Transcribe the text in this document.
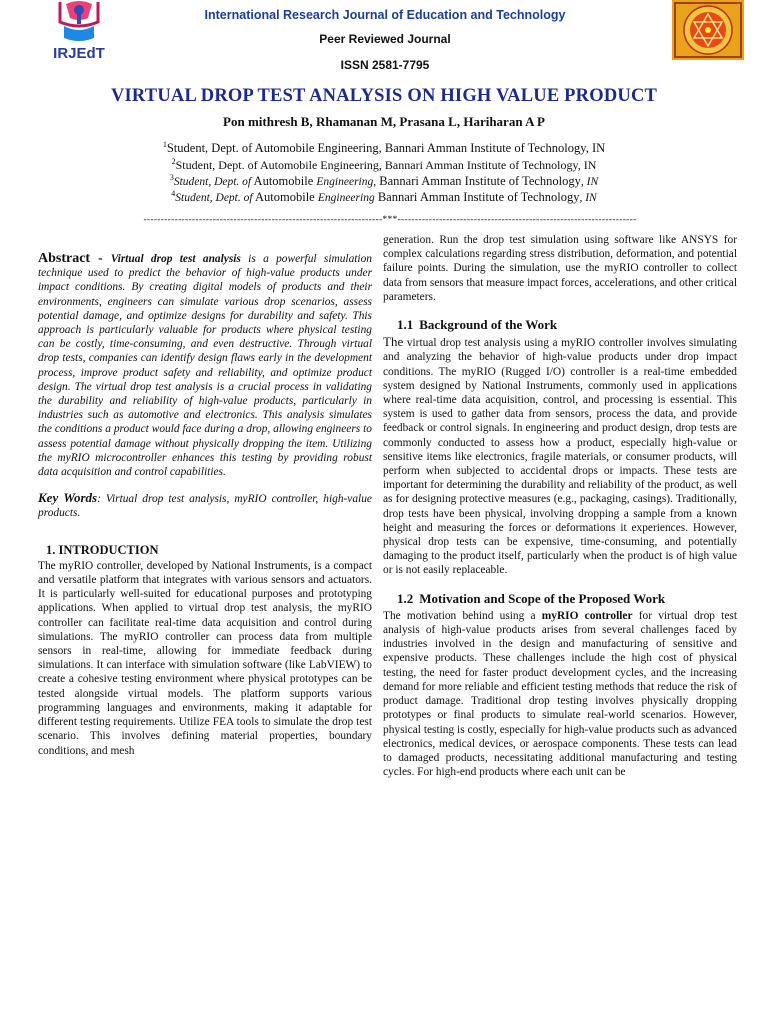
IRJEdT
International Research Journal of Education and Technology
Peer Reviewed Journal
ISSN 2581-7795
VIRTUAL DROP TEST ANALYSIS ON HIGH VALUE PRODUCT
Pon mithresh B, Rhamanan M, Prasana L, Hariharan A P
$^1$Student, Dept. of Automobile Engineering, Bannari Amman Institute of Technology, IN
$^2$Student, Dept. of Automobile Engineering, Bannari Amman Institute of Technology, IN
$^3$Student, Dept. of Automobile Engineering, Bannari Amman Institute of Technology, IN
$^4$Student, Dept. of Automobile Engineering Bannari Amman Institute of Technology, IN
---------------------------------------------------------------------***---------------------------------------------------------------------

Abstract - Virtual drop test analysis is a powerful simulation technique used to predict the behavior of high-value products under impact conditions. By creating digital models of products and their environments, engineers can simulate various drop scenarios, assess potential damage, and optimize designs for durability and safety. This approach is particularly valuable for products where physical testing can be costly, time-consuming, and even destructive. Through virtual drop tests, companies can identify design flaws early in the development process, improve product safety and reliability, and optimize product design. The virtual drop test analysis is a crucial process in validating the durability and reliability of high-value products, particularly in industries such as automotive and electronics. This analysis simulates the conditions a product would face during a drop, allowing engineers to assess potential damage without physically dropping the item. Utilizing the myRIO microcontroller enhances this testing by providing robust data acquisition and control capabilities.

Key Words: Virtual drop test analysis, myRIO controller, high-value products.

1. INTRODUCTION

The myRIO controller, developed by National Instruments, is a compact and versatile platform that integrates with various sensors and actuators. It is particularly well-suited for educational purposes and prototyping applications. When applied to virtual drop test analysis, the myRIO controller can facilitate real-time data acquisition and control during simulations. The myRIO controller can process data from multiple sensors in real-time, allowing for immediate feedback during simulations. It can interface with simulation software (like LabVIEW) to create a cohesive testing environment where physical prototypes can be tested alongside virtual models. The platform supports various programming languages and environments, making it adaptable for different testing requirements. Utilize FEA tools to simulate the drop test scenario. This involves defining material properties, boundary conditions, and mesh

generation. Run the drop test simulation using software like ANSYS for complex calculations regarding stress distribution, deformation, and potential failure points. During the simulation, use the myRIO controller to collect data from sensors that measure impact forces, accelerations, and other critical parameters.

1.1 Background of the Work

The virtual drop test analysis using a myRIO controller involves simulating and analyzing the behavior of high-value products under drop impact conditions. The myRIO (Rugged I/O) controller is a real-time embedded system designed by National Instruments, commonly used in applications where real-time data acquisition, control, and processing is essential. This system is used to gather data from sensors, process the data, and provide feedback or control signals. In engineering and product design, drop tests are commonly conducted to assess how a product, especially high-value or sensitive items like electronics, fragile materials, or consumer products, will perform when subjected to accidental drops or impacts. These tests are important for determining the durability and reliability of the product, as well as for designing protective measures (e.g., packaging, casings). Traditionally, drop tests have been physical, involving dropping a sample from a known height and measuring the forces or deformations it experiences. However, physical drop tests can be expensive, time-consuming, and potentially damaging to the product itself, particularly when the product is of high value or is not easily replaceable.

1.2 Motivation and Scope of the Proposed Work

The motivation behind using a myRIO controller for virtual drop test analysis of high-value products arises from several challenges faced by industries involved in the design and manufacturing of sensitive and expensive products. These challenges include the high cost of physical testing, the need for faster product development cycles, and the increasing demand for more reliable and efficient testing methods that reduce the risk of product damage. Traditional drop testing involves physically dropping prototypes or final products to simulate real-world scenarios. However, physical testing is costly, especially for high-value products such as advanced electronics, medical devices, or aerospace components. These tests can lead to damaged products, necessitating additional manufacturing and testing cycles. For high-end products where each unit can be
